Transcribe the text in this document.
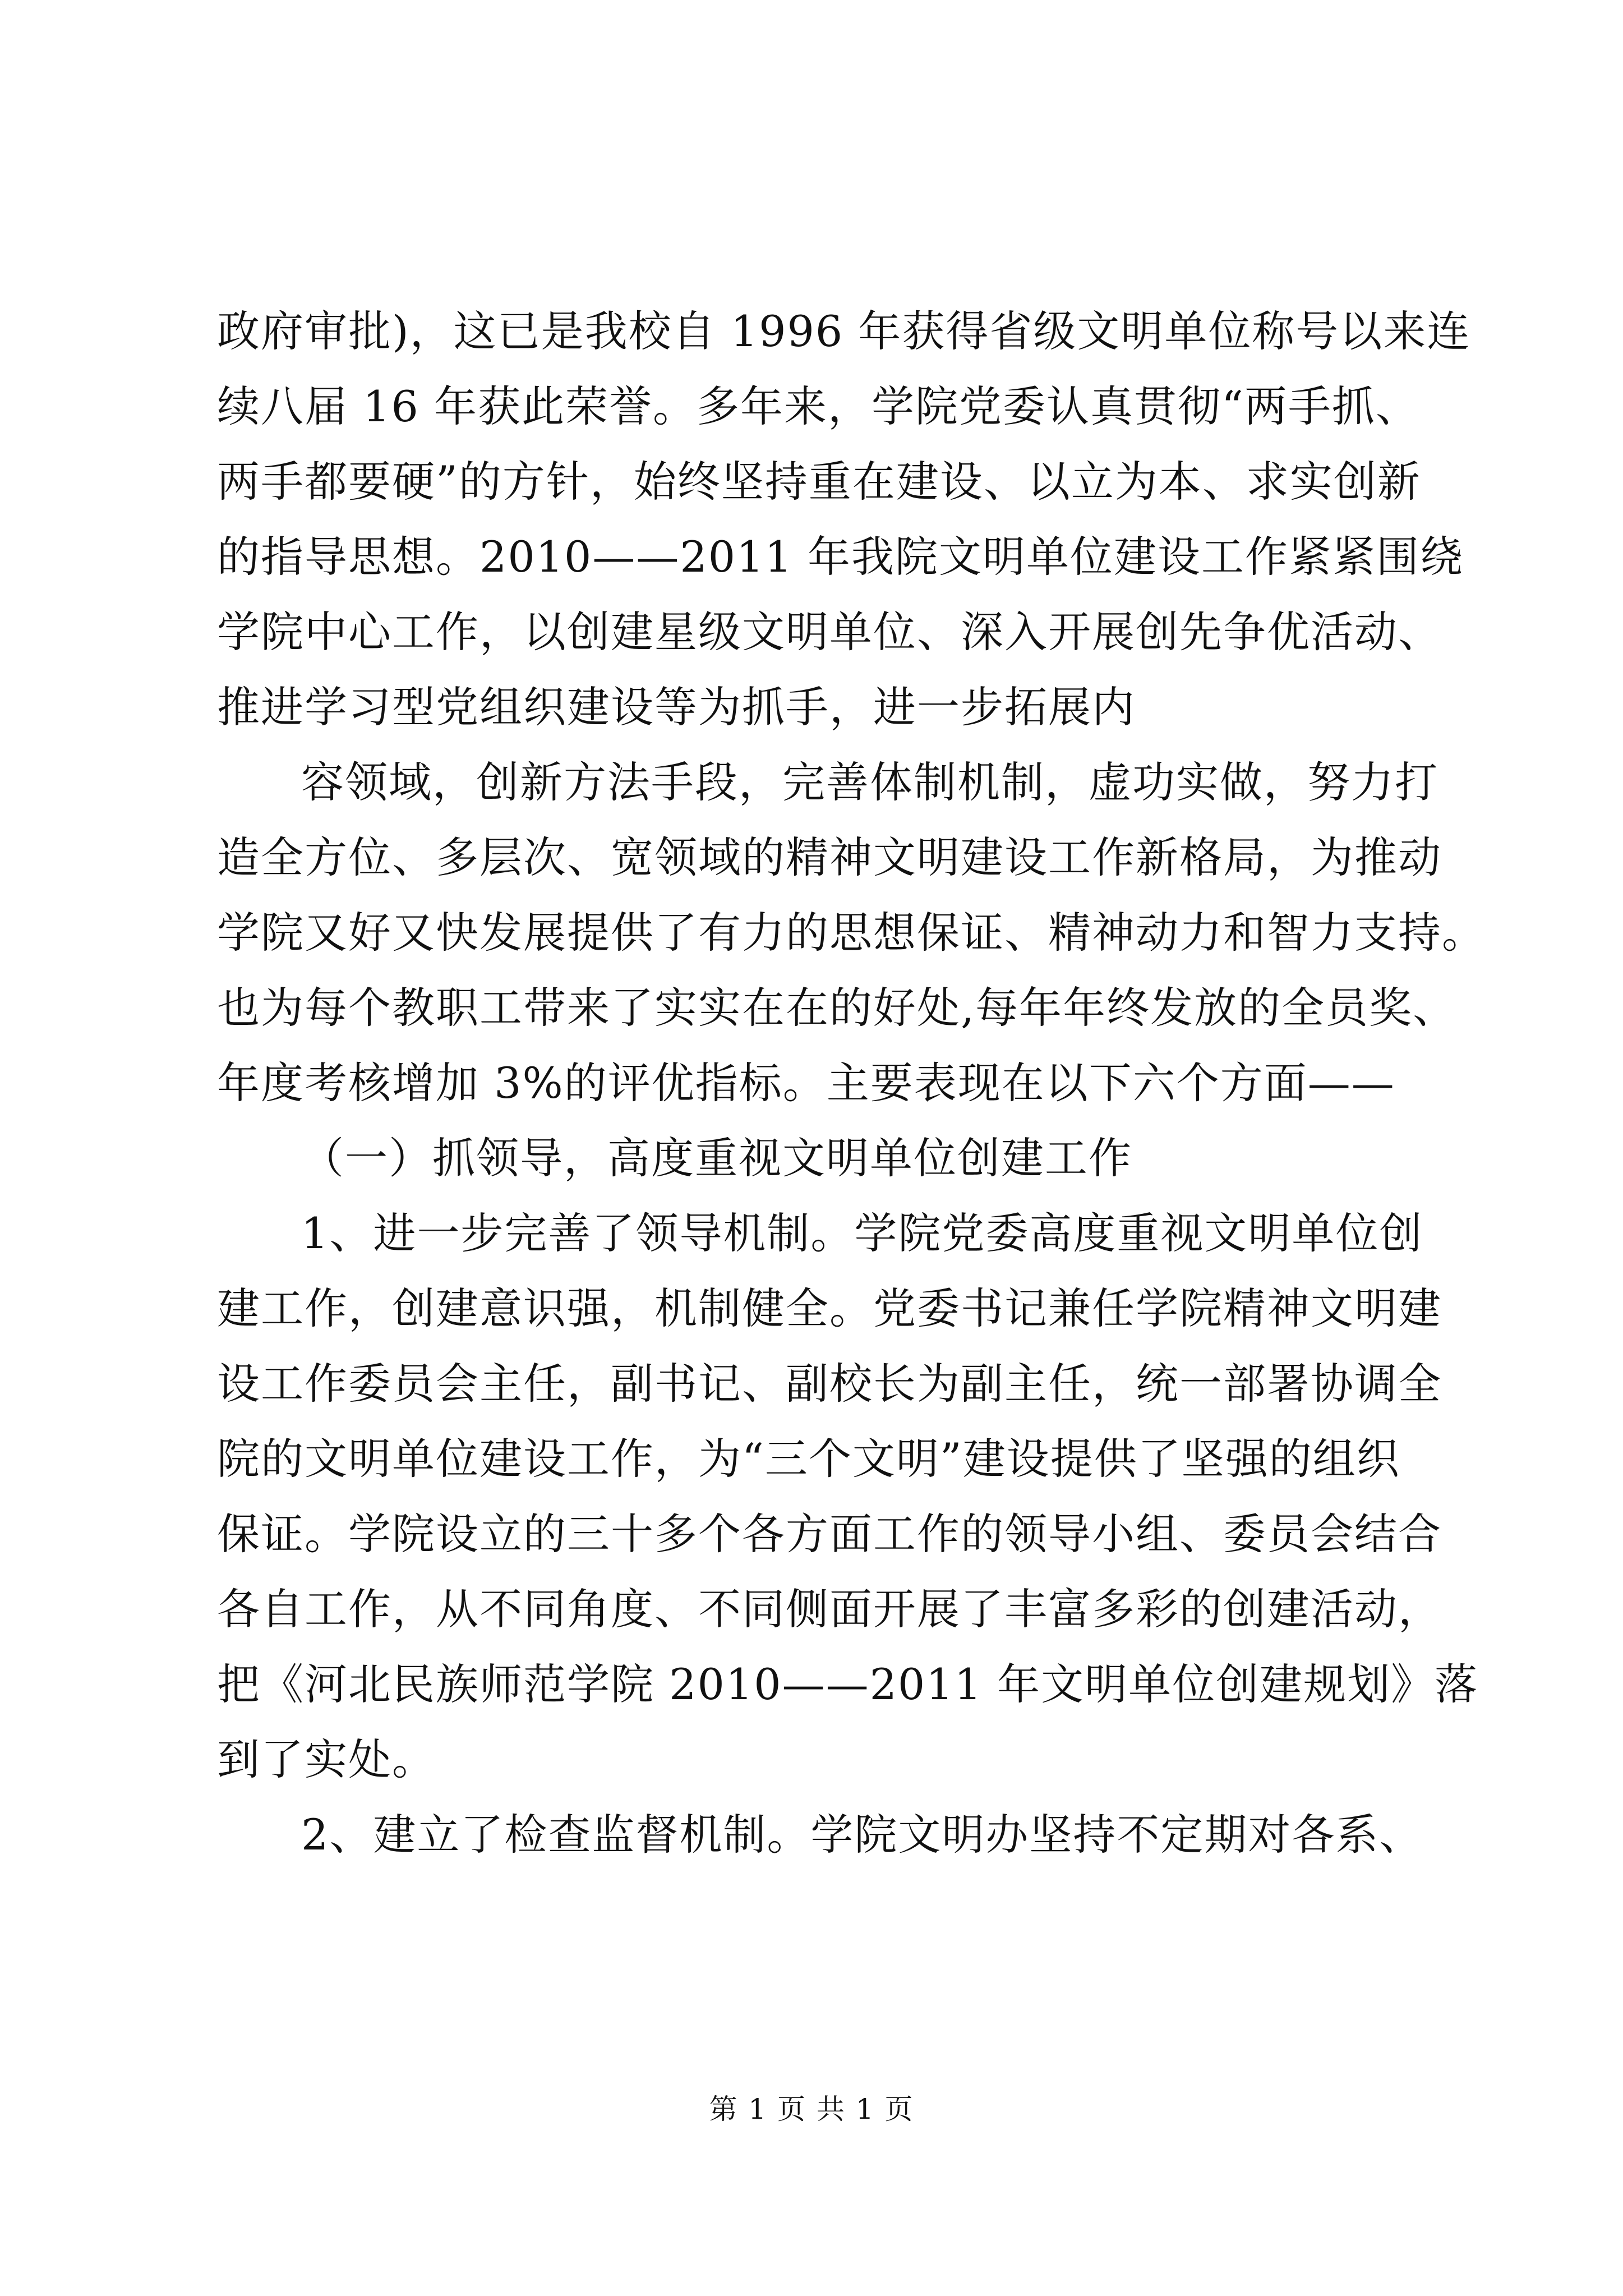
政府审批)，这已是我校自 1996 年获得省级文明单位称号以来连
续八届 16 年获此荣誉。多年来，学院党委认真贯彻“两手抓、
两手都要硬”的方针，始终坚持重在建设、以立为本、求实创新
的指导思想。2010——2011 年我院文明单位建设工作紧紧围绕
学院中心工作，以创建星级文明单位、深入开展创先争优活动、
推进学习型党组织建设等为抓手，进一步拓展内
容领域，创新方法手段，完善体制机制，虚功实做，努力打
造全方位、多层次、宽领域的精神文明建设工作新格局，为推动
学院又好又快发展提供了有力的思想保证、精神动力和智力支持。
也为每个教职工带来了实实在在的好处,每年年终发放的全员奖、
年度考核增加 3%的评优指标。主要表现在以下六个方面——
（一）抓领导，高度重视文明单位创建工作
1、进一步完善了领导机制。学院党委高度重视文明单位创
建工作，创建意识强，机制健全。党委书记兼任学院精神文明建
设工作委员会主任，副书记、副校长为副主任，统一部署协调全
院的文明单位建设工作，为“三个文明”建设提供了坚强的组织
保证。学院设立的三十多个各方面工作的领导小组、委员会结合
各自工作，从不同角度、不同侧面开展了丰富多彩的创建活动，
把《河北民族师范学院 2010——2011 年文明单位创建规划》落
到了实处。
2、建立了检查监督机制。学院文明办坚持不定期对各系、
第 1 页 共 1 页
